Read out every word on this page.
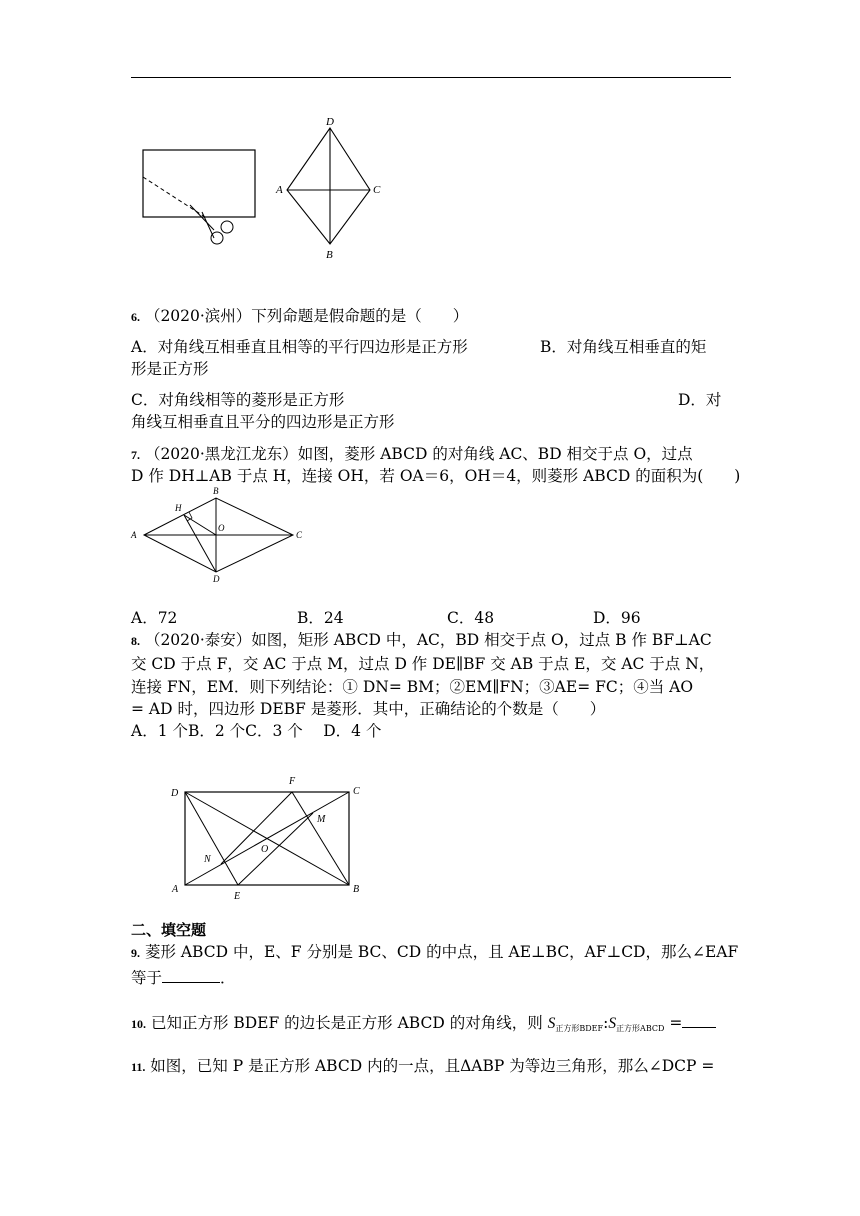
D
A	C
B
6. （2020·滨州）下列命题是假命题的是（　　）
A．对角线互相垂直且相等的平行四边形是正方形	B．对角线互相垂直的矩
形是正方形
C．对角线相等的菱形是正方形	D．对
角线互相垂直且平分的四边形是正方形
7. （2020·黑龙江龙东）如图，菱形 ABCD 的对角线 AC、BD 相交于点 O，过点
D 作 DH⊥AB 于点 H，连接 OH，若 OA＝6，OH＝4，则菱形 ABCD 的面积为(　　)
A
B
C
D
H
O
A．72	B．24	C．48	D．96
8. （2020·泰安）如图，矩形 ABCD 中，AC，BD 相交于点 O，过点 B 作 BF⊥AC
交 CD 于点 F，交 AC 于点 M，过点 D 作 DE∥BF 交 AB 于点 E，交 AC 于点 N，
连接 FN，EM．则下列结论：① DN= BM；②EM∥FN；③AE= FC；④当 AO
= AD 时，四边形 DEBF 是菱形．其中，正确结论的个数是（　　）
A．1 个B．2 个C．3 个　 D．4 个
D
F
C
M
N
O
A
E
B
二、填空题
9. 菱形 ABCD 中，E、F 分别是 BC、CD 的中点，且 AE⊥BC，AF⊥CD，那么∠EAF
等于	．
10. 已知正方形 BDEF 的边长是正方形 ABCD 的对角线，则 $S_{正方形BDEF}:S_{正方形ABCD}$ =
11. 如图，已知 P 是正方形 ABCD 内的一点，且ΔABP 为等边三角形，那么∠DCP =
